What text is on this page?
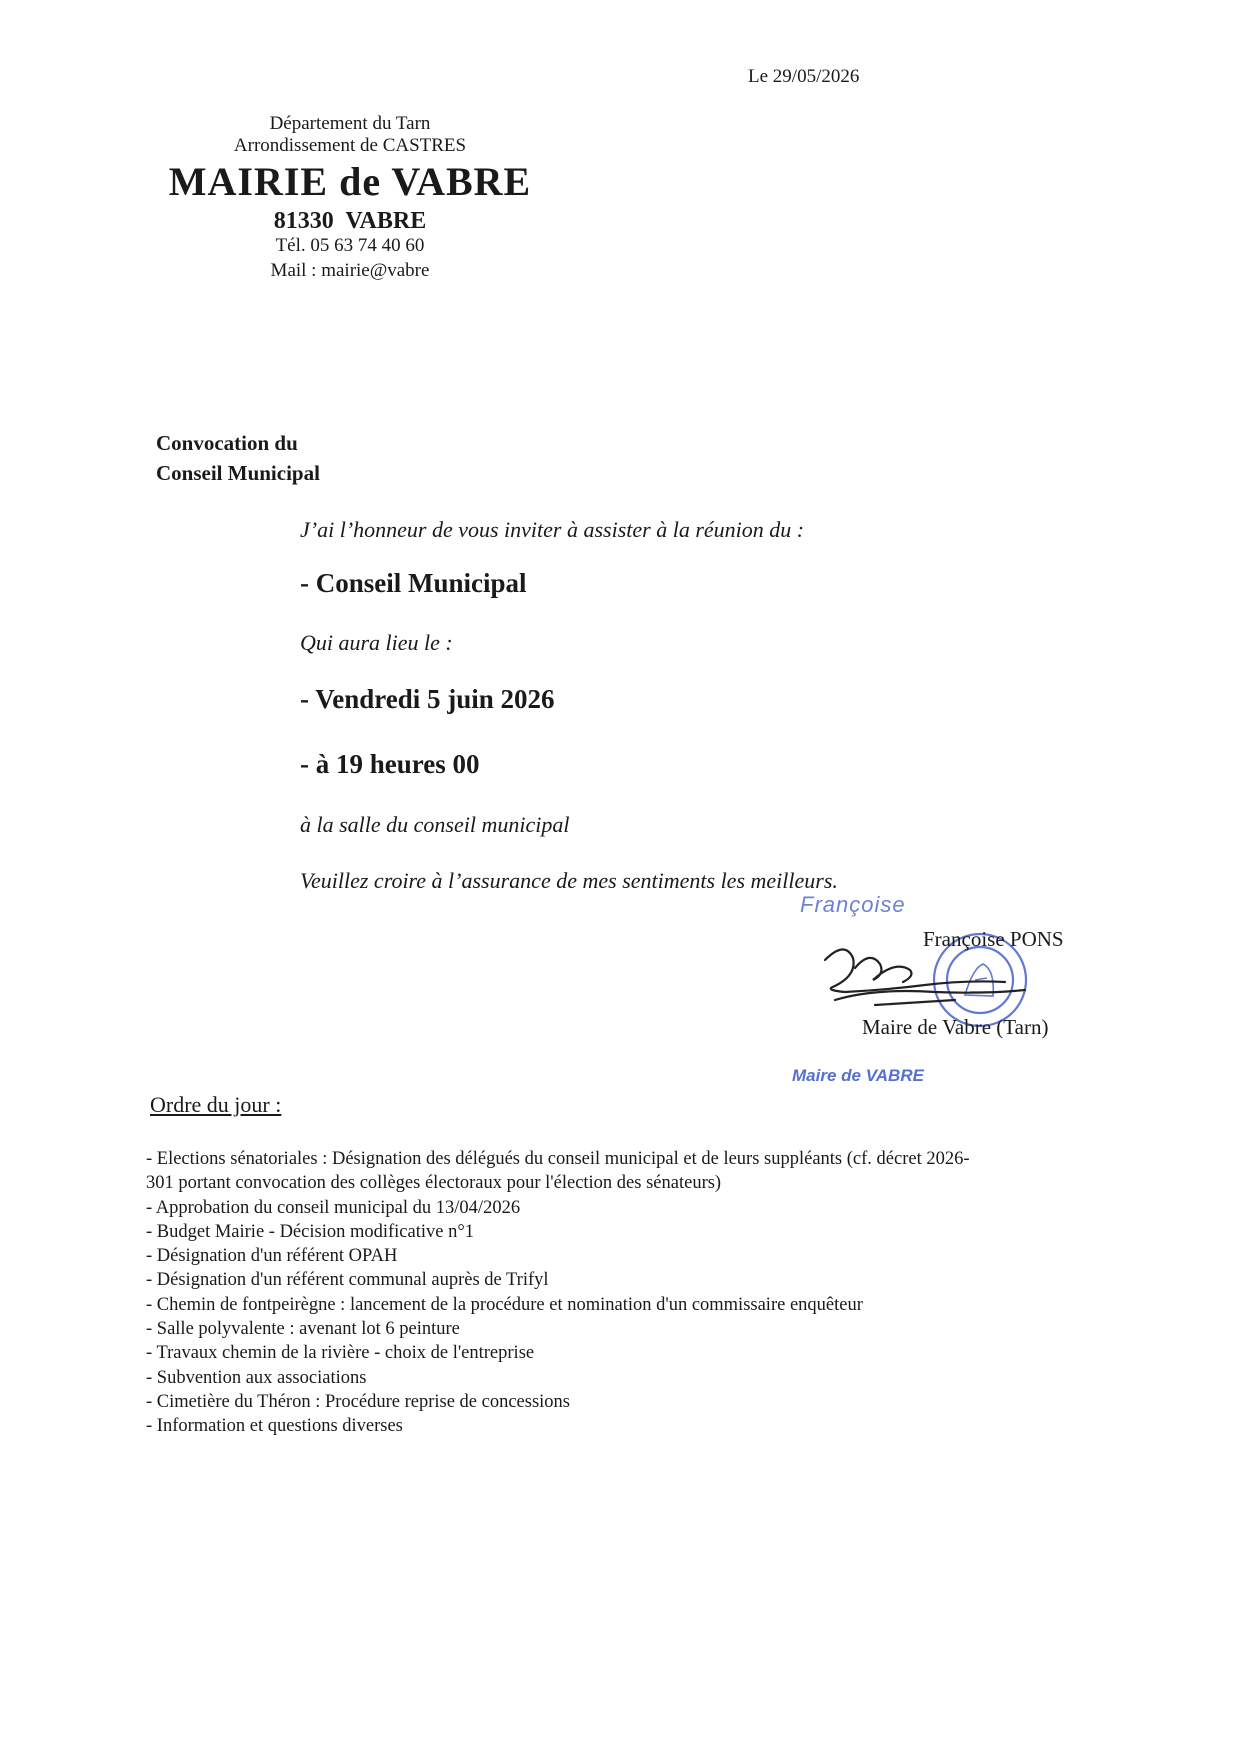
Le 29/05/2026
Département du Tarn
Arrondissement de CASTRES
MAIRIE de VABRE
81330  VABRE
Tél. 05 63 74 40 60
Mail : mairie@vabre
Convocation du
Conseil Municipal
J’ai l’honneur de vous inviter à assister à la réunion du :
- Conseil Municipal
Qui aura lieu le :
- Vendredi 5 juin 2026
- à 19 heures 00
à la salle du conseil municipal
Veuillez croire à l’assurance de mes sentiments les meilleurs.
Françoise
Françoise PONS
Maire de Vabre (Tarn)
Maire de VABRE
Ordre du jour :
- Elections sénatoriales : Désignation des délégués du conseil municipal et de leurs suppléants (cf. décret 2026-
301 portant convocation des collèges électoraux pour l'élection des sénateurs)
- Approbation du conseil municipal du 13/04/2026
- Budget Mairie - Décision modificative n°1
- Désignation d'un référent OPAH
- Désignation d'un référent communal auprès de Trifyl
- Chemin de fontpeirègne : lancement de la procédure et nomination d'un commissaire enquêteur
- Salle polyvalente : avenant lot 6 peinture
- Travaux chemin de la rivière - choix de l'entreprise
- Subvention aux associations
- Cimetière du Théron : Procédure reprise de concessions
- Information et questions diverses
